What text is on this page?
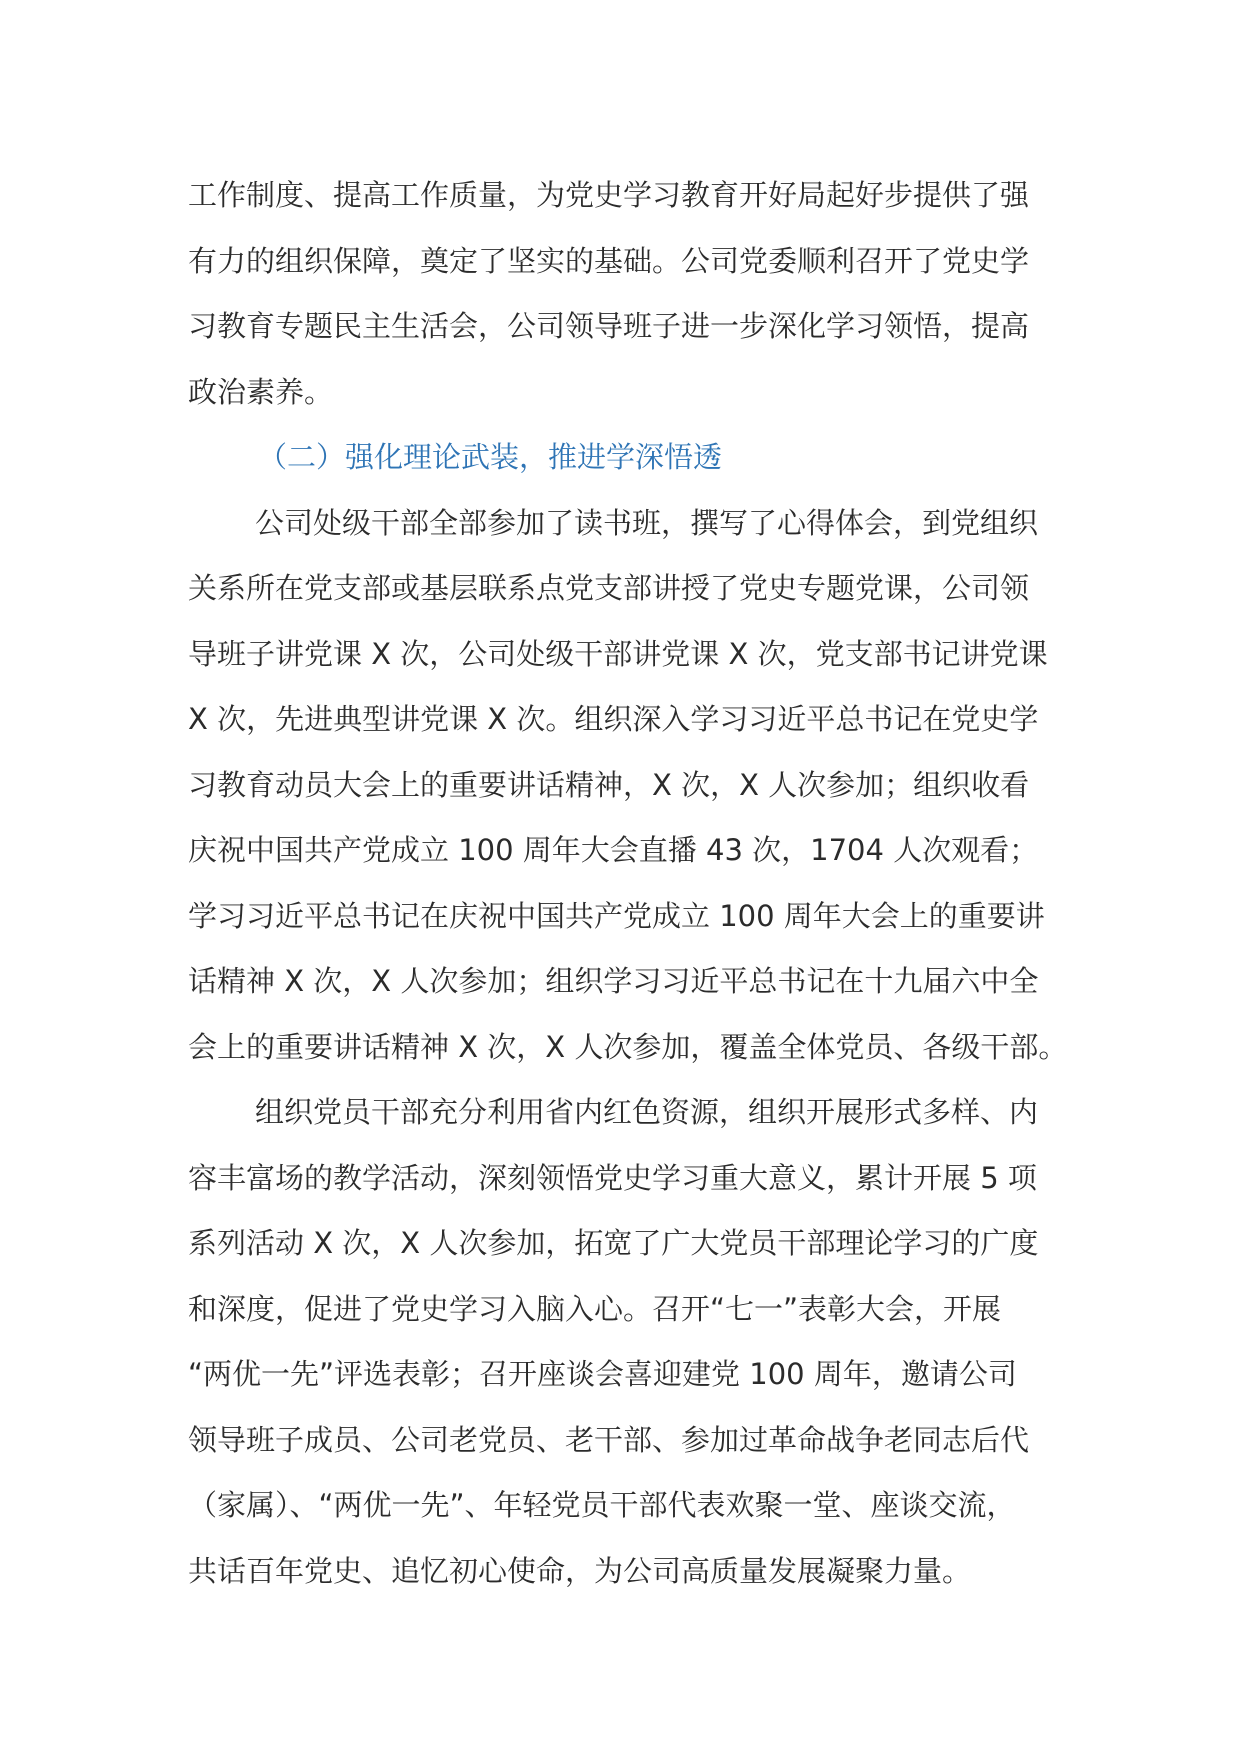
工作制度、提高工作质量，为党史学习教育开好局起好步提供了强
有力的组织保障，奠定了坚实的基础。公司党委顺利召开了党史学
习教育专题民主生活会，公司领导班子进一步深化学习领悟，提高
政治素养。
（二）强化理论武装，推进学深悟透
公司处级干部全部参加了读书班，撰写了心得体会，到党组织
关系所在党支部或基层联系点党支部讲授了党史专题党课，公司领
导班子讲党课 X 次，公司处级干部讲党课 X 次，党支部书记讲党课
X 次，先进典型讲党课 X 次。组织深入学习习近平总书记在党史学
习教育动员大会上的重要讲话精神，X 次，X 人次参加；组织收看
庆祝中国共产党成立 100 周年大会直播 43 次，1704 人次观看；
学习习近平总书记在庆祝中国共产党成立 100 周年大会上的重要讲
话精神 X 次，X 人次参加；组织学习习近平总书记在十九届六中全
会上的重要讲话精神 X 次，X 人次参加，覆盖全体党员、各级干部。
组织党员干部充分利用省内红色资源，组织开展形式多样、内
容丰富场的教学活动，深刻领悟党史学习重大意义，累计开展 5 项
系列活动 X 次，X 人次参加，拓宽了广大党员干部理论学习的广度
和深度，促进了党史学习入脑入心。召开“七一”表彰大会，开展
“两优一先”评选表彰；召开座谈会喜迎建党 100 周年，邀请公司
领导班子成员、公司老党员、老干部、参加过革命战争老同志后代
（家属）、“两优一先”、年轻党员干部代表欢聚一堂、座谈交流，
共话百年党史、追忆初心使命，为公司高质量发展凝聚力量。
